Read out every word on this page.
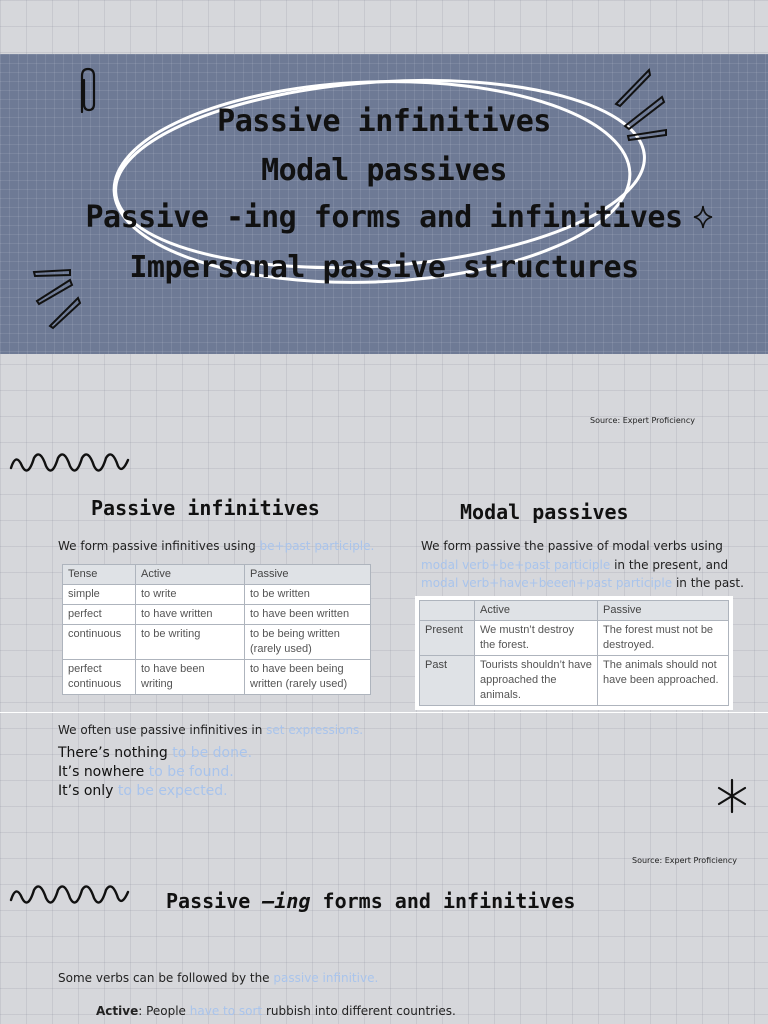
Passive infinitives
Modal passives
Passive -ing forms and infinitives
Impersonal passive structures
Source: Expert Proficiency
Passive infinitives	Modal passives
We form passive infinitives using be+past participle.
Tense	Active	Passive
simple	to write	to be written
perfect	to have written	to have been written
continuous	to be writing	to be being written (rarely used)
perfect continuous	to have been writing	to have been being written (rarely used)
We form passive the passive of modal verbs using
modal verb+be+past participle in the present, and
modal verb+have+beeen+past participle in the past.
	Active	Passive
Present	We mustn’t destroy the forest.	The forest must not be destroyed.
Past	Tourists shouldn’t have approached the animals.	The animals should not have been approached.
We often use passive infinitives in set expressions.
There’s nothing to be done.
It’s nowhere to be found.
It’s only to be expected.
Source: Expert Proficiency
Passive –ing forms and infinitives
Some verbs can be followed by the passive infinitive.
Active: People have to sort rubbish into different countries.
